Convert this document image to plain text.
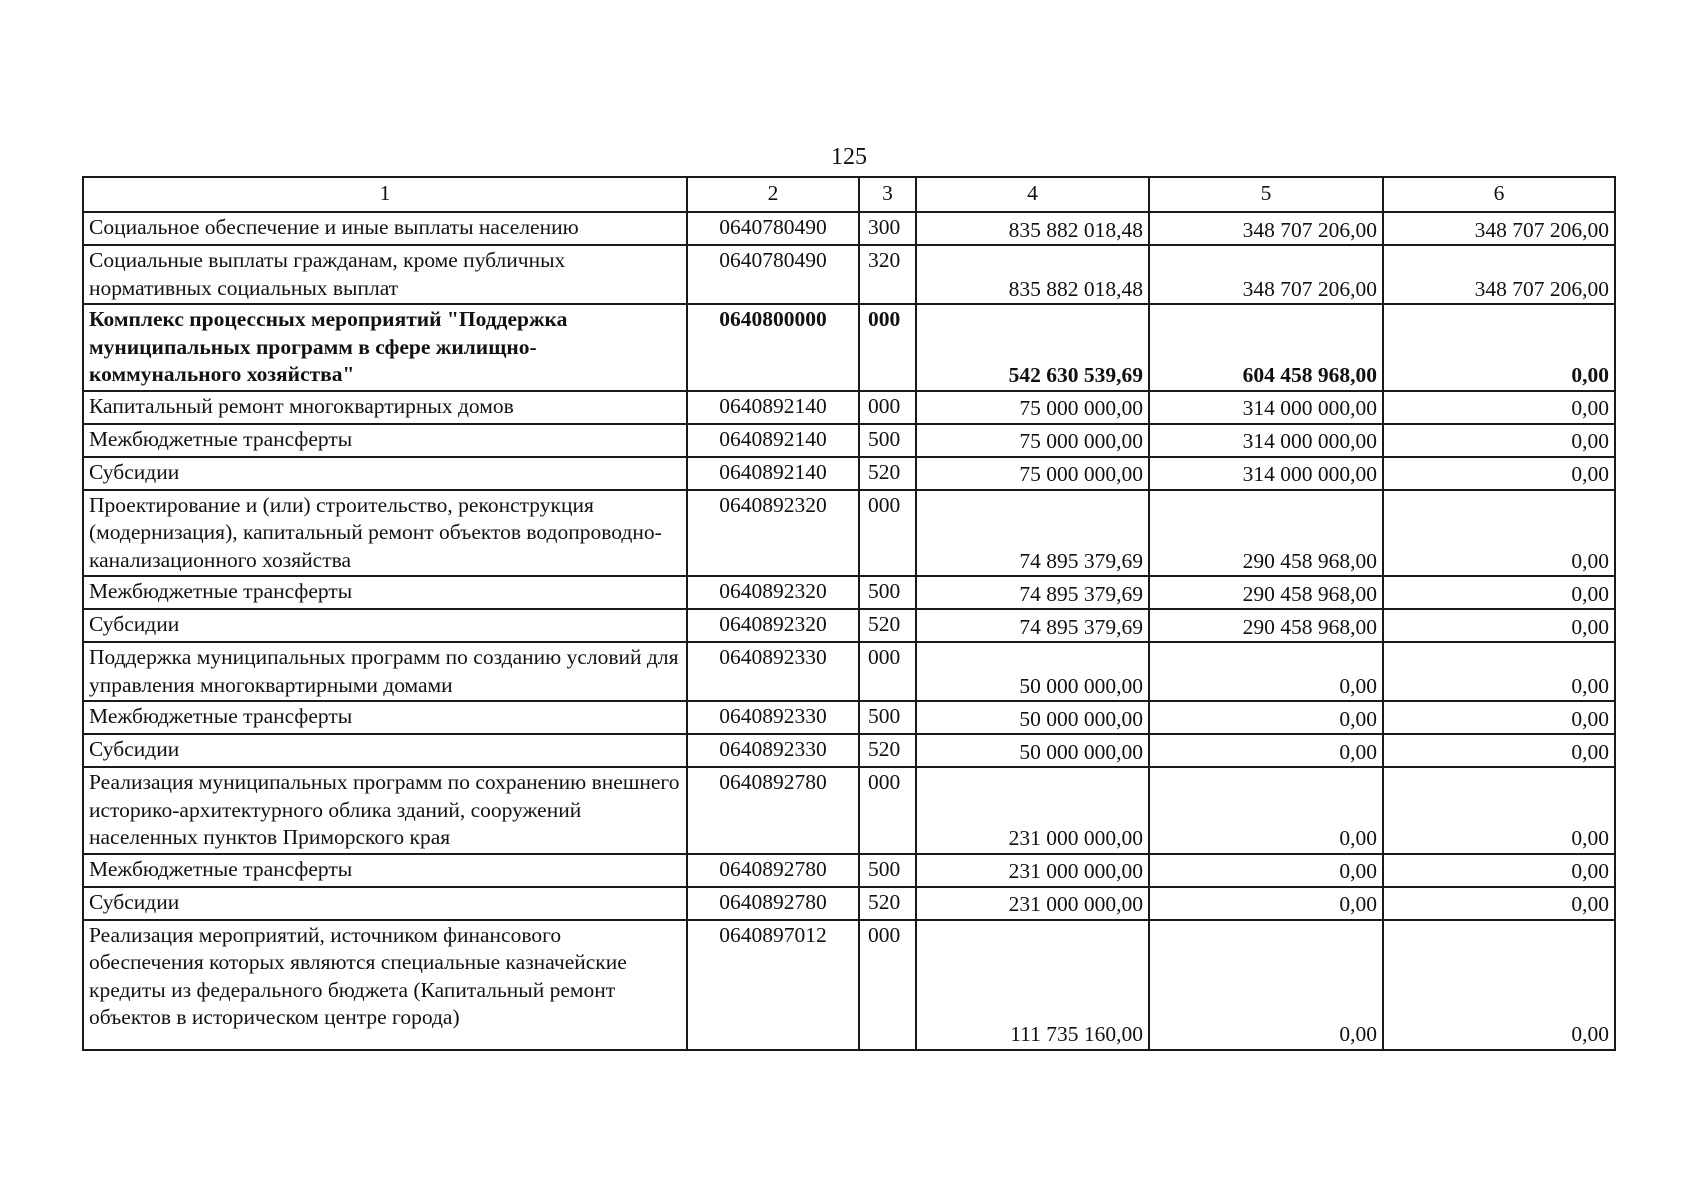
125
1	2	3	4	5	6
Социальное обеспечение и иные выплаты населению	0640780490	300	835 882 018,48	348 707 206,00	348 707 206,00
Социальные выплаты гражданам, кроме публичных нормативных социальных выплат	0640780490	320	835 882 018,48	348 707 206,00	348 707 206,00
Комплекс процессных мероприятий "Поддержка муниципальных программ в сфере жилищно-коммунального хозяйства"	0640800000	000	542 630 539,69	604 458 968,00	0,00
Капитальный ремонт многоквартирных домов	0640892140	000	75 000 000,00	314 000 000,00	0,00
Межбюджетные трансферты	0640892140	500	75 000 000,00	314 000 000,00	0,00
Субсидии	0640892140	520	75 000 000,00	314 000 000,00	0,00
Проектирование и (или) строительство, реконструкция (модернизация), капитальный ремонт объектов водопроводно-канализационного хозяйства	0640892320	000	74 895 379,69	290 458 968,00	0,00
Межбюджетные трансферты	0640892320	500	74 895 379,69	290 458 968,00	0,00
Субсидии	0640892320	520	74 895 379,69	290 458 968,00	0,00
Поддержка муниципальных программ по созданию условий для управления многоквартирными домами	0640892330	000	50 000 000,00	0,00	0,00
Межбюджетные трансферты	0640892330	500	50 000 000,00	0,00	0,00
Субсидии	0640892330	520	50 000 000,00	0,00	0,00
Реализация муниципальных программ по сохранению внешнего историко-архитектурного облика зданий, сооружений населенных пунктов Приморского края	0640892780	000	231 000 000,00	0,00	0,00
Межбюджетные трансферты	0640892780	500	231 000 000,00	0,00	0,00
Субсидии	0640892780	520	231 000 000,00	0,00	0,00
Реализация мероприятий, источником финансового обеспечения которых являются специальные казначейские кредиты из федерального бюджета (Капитальный ремонт объектов в историческом центре города)	0640897012	000	111 735 160,00	0,00	0,00
